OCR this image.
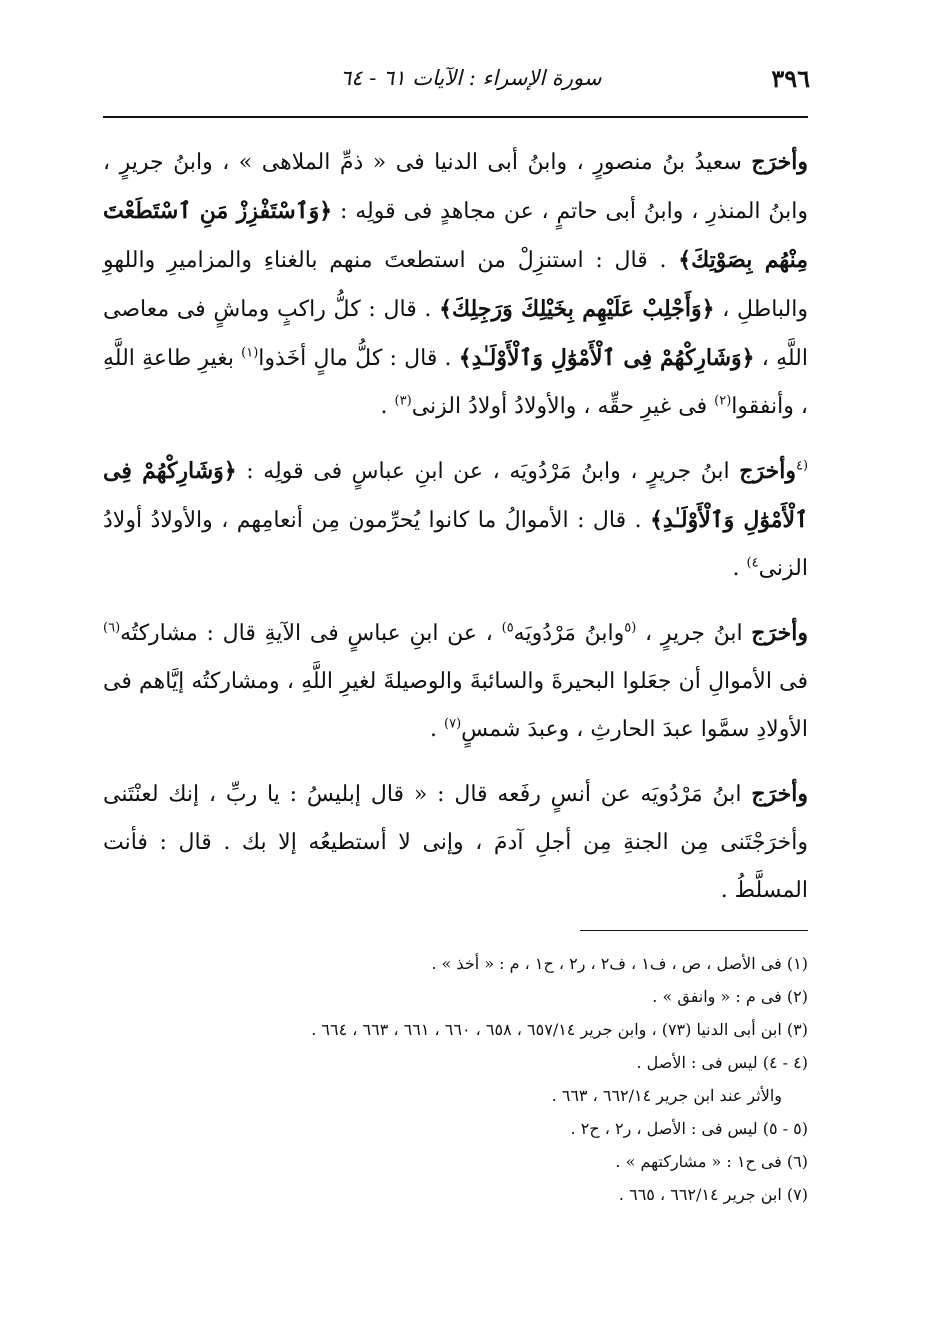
٣٩٦
سورة الإسراء : الآيات ٦١ - ٦٤

وأخرَج سعيدُ بنُ منصورٍ ، وابنُ أبى الدنيا فى « ذمِّ الملاهى » ، وابنُ جريرٍ ، وابنُ المنذرِ ، وابنُ أبى حاتمٍ ، عن مجاهدٍ فى قولِه : ﴿وَٱسْتَفْزِزْ مَنِ ٱسْتَطَعْتَ مِنْهُم بِصَوْتِكَ﴾ . قال : استنزِلْ من استطعتَ منهم بالغناءِ والمزاميرِ واللهوِ والباطلِ ، ﴿وَأَجْلِبْ عَلَيْهِم بِخَيْلِكَ وَرَجِلِكَ﴾ . قال : كلُّ راكبٍ وماشٍ فى معاصى اللَّهِ ، ﴿وَشَارِكْهُمْ فِى ٱلْأَمْوَٰلِ وَٱلْأَوْلَـٰدِ﴾ . قال : كلُّ مالٍ أخَذوا$^{(١)}$ بغيرِ طاعةِ اللَّهِ ، وأنفقوا$^{(٢)}$ فى غيرِ حقِّه ، والأولادُ أولادُ الزنى$^{(٣)}$ .

$^{(٤}$وأخرَج ابنُ جريرٍ ، وابنُ مَرْدُويَه ، عن ابنِ عباسٍ فى قولِه : ﴿وَشَارِكْهُمْ فِى ٱلْأَمْوَٰلِ وَٱلْأَوْلَـٰدِ﴾ . قال : الأموالُ ما كانوا يُحرِّمون مِن أنعامِهم ، والأولادُ أولادُ الزنى$^{٤)}$ .

وأخرَج ابنُ جريرٍ ، $^{(٥}$وابنُ مَرْدُويَه$^{٥)}$ ، عن ابنِ عباسٍ فى الآيةِ قال : مشاركتُه$^{(٦)}$ فى الأموالِ أن جعَلوا البحيرةَ والسائبةَ والوصيلةَ لغيرِ اللَّهِ ، ومشاركتُه إيَّاهم فى الأولادِ سمَّوا عبدَ الحارثِ ، وعبدَ شمسٍ$^{(٧)}$ .

وأخرَج ابنُ مَرْدُويَه عن أنسٍ رفَعه قال : « قال إبليسُ : يا ربِّ ، إنك لعنْتَنى وأخرَجْتَنى مِن الجنةِ مِن أجلِ آدمَ ، وإنى لا أستطيعُه إلا بك . قال : فأنت المسلَّطُ .

(١) فى الأصل ، ص ، ف١ ، ف٢ ، ر٢ ، ح١ ، م : « أخذ » .

(٢) فى م : « وانفق » .

(٣) ابن أبى الدنيا (٧٣) ، وابن جرير ٦٥٧/١٤ ، ٦٥٨ ، ٦٦٠ ، ٦٦١ ، ٦٦٣ ، ٦٦٤ .

(٤ - ٤) ليس فى : الأصل .

والأثر عند ابن جرير ٦٦٢/١٤ ، ٦٦٣ .

(٥ - ٥) ليس فى : الأصل ، ر٢ ، ح٢ .

(٦) فى ح١ : « مشاركتهم » .

(٧) ابن جرير ٦٦٢/١٤ ، ٦٦٥ .
